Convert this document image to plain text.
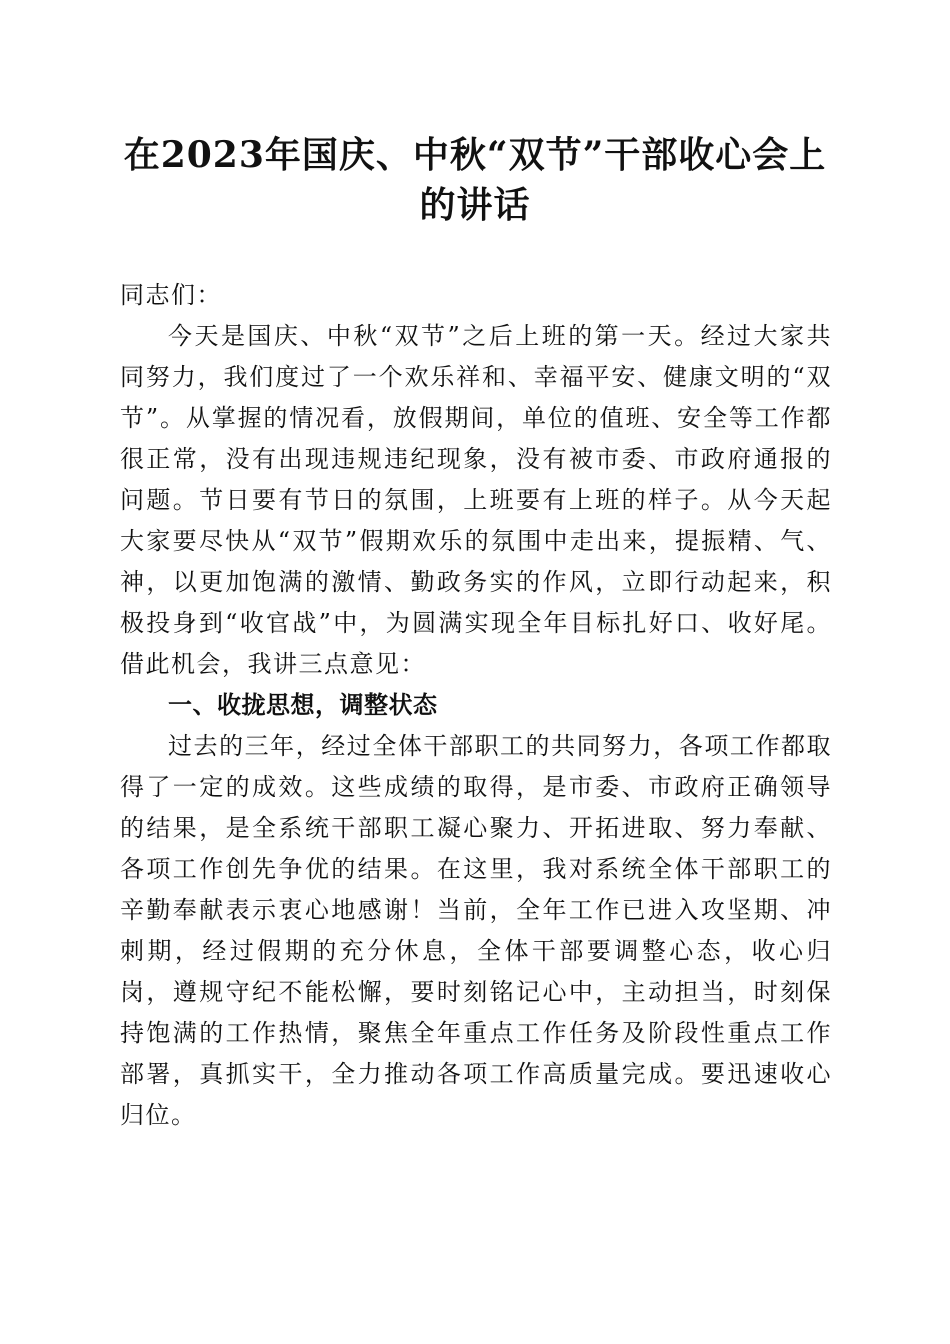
在2023年国庆、中秋“双节”干部收心会上
的讲话

同志们：

今天是国庆、中秋“双节”之后上班的第一天。经过大家共同努力，我们度过了一个欢乐祥和、幸福平安、健康文明的“双节”。从掌握的情况看，放假期间，单位的值班、安全等工作都很正常，没有出现违规违纪现象，没有被市委、市政府通报的问题。节日要有节日的氛围，上班要有上班的样子。从今天起大家要尽快从“双节”假期欢乐的氛围中走出来，提振精、气、神，以更加饱满的激情、勤政务实的作风，立即行动起来，积极投身到“收官战”中，为圆满实现全年目标扎好口、收好尾。借此机会，我讲三点意见：

一、收拢思想，调整状态

过去的三年，经过全体干部职工的共同努力，各项工作都取得了一定的成效。这些成绩的取得，是市委、市政府正确领导的结果，是全系统干部职工凝心聚力、开拓进取、努力奉献、各项工作创先争优的结果。在这里，我对系统全体干部职工的辛勤奉献表示衷心地感谢！当前，全年工作已进入攻坚期、冲刺期，经过假期的充分休息，全体干部要调整心态，收心归岗，遵规守纪不能松懈，要时刻铭记心中，主动担当，时刻保持饱满的工作热情，聚焦全年重点工作任务及阶段性重点工作部署，真抓实干，全力推动各项工作高质量完成。要迅速收心归位。
